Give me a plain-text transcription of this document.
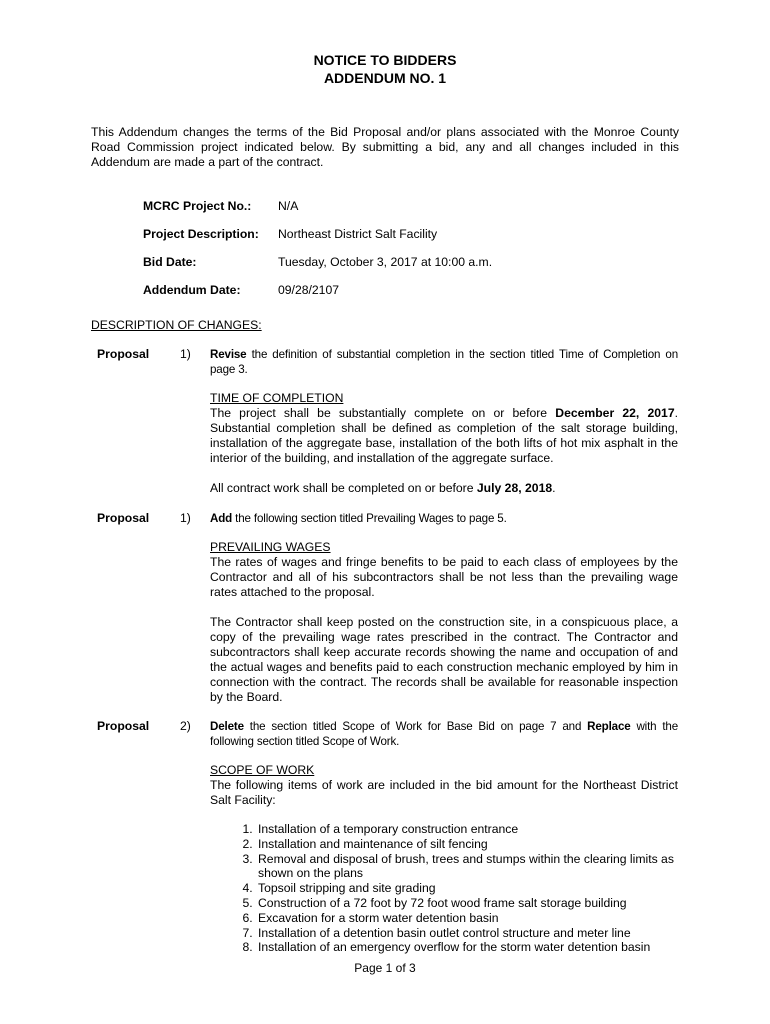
NOTICE TO BIDDERS
ADDENDUM NO. 1
This Addendum changes the terms of the Bid Proposal and/or plans associated with the Monroe County Road Commission project indicated below. By submitting a bid, any and all changes included in this Addendum are made a part of the contract.
MCRC Project No.: N/A
Project Description: Northeast District Salt Facility
Bid Date:	Tuesday, October 3, 2017 at 10:00 a.m.
Addendum Date:	09/28/2107
DESCRIPTION OF CHANGES:
Proposal	1) Revise the definition of substantial completion in the section titled Time of Completion on page 3.
TIME OF COMPLETION
The project shall be substantially complete on or before December 22, 2017. Substantial completion shall be defined as completion of the salt storage building, installation of the aggregate base, installation of the both lifts of hot mix asphalt in the interior of the building, and installation of the aggregate surface.
All contract work shall be completed on or before July 28, 2018.
Proposal	1) Add the following section titled Prevailing Wages to page 5.
PREVAILING WAGES
The rates of wages and fringe benefits to be paid to each class of employees by the Contractor and all of his subcontractors shall be not less than the prevailing wage rates attached to the proposal.
The Contractor shall keep posted on the construction site, in a conspicuous place, a copy of the prevailing wage rates prescribed in the contract. The Contractor and subcontractors shall keep accurate records showing the name and occupation of and the actual wages and benefits paid to each construction mechanic employed by him in connection with the contract. The records shall be available for reasonable inspection by the Board.
Proposal	2) Delete the section titled Scope of Work for Base Bid on page 7 and Replace with the following section titled Scope of Work.
SCOPE OF WORK
The following items of work are included in the bid amount for the Northeast District Salt Facility:
1. Installation of a temporary construction entrance
2. Installation and maintenance of silt fencing
3. Removal and disposal of brush, trees and stumps within the clearing limits as shown on the plans
4. Topsoil stripping and site grading
5. Construction of a 72 foot by 72 foot wood frame salt storage building
6. Excavation for a storm water detention basin
7. Installation of a detention basin outlet control structure and meter line
8. Installation of an emergency overflow for the storm water detention basin
Page 1 of 3
